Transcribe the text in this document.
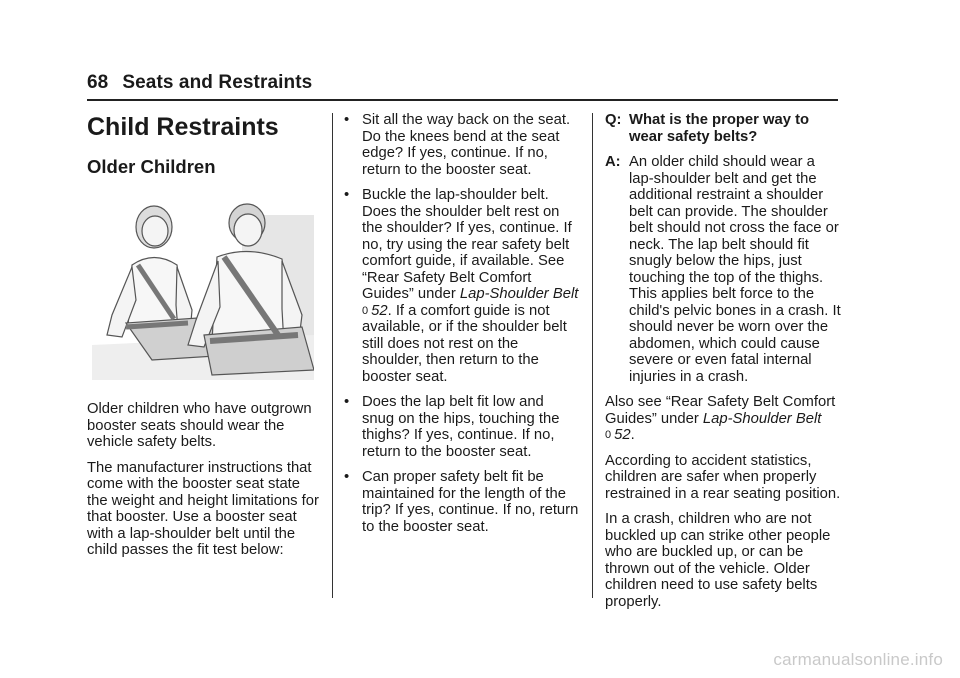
68 Seats and Restraints
Child Restraints
Older Children

Older children who have outgrown booster seats should wear the vehicle safety belts.

The manufacturer instructions that come with the booster seat state the weight and height limitations for that booster. Use a booster seat with a lap-shoulder belt until the child passes the fit test below:

• Sit all the way back on the seat. Do the knees bend at the seat edge? If yes, continue. If no, return to the booster seat.
• Buckle the lap-shoulder belt. Does the shoulder belt rest on the shoulder? If yes, continue. If no, try using the rear safety belt comfort guide, if available. See “Rear Safety Belt Comfort Guides” under Lap-Shoulder Belt
0 52. If a comfort guide is not available, or if the shoulder belt still does not rest on the shoulder, then return to the booster seat.
• Does the lap belt fit low and snug on the hips, touching the thighs? If yes, continue. If no, return to the booster seat.
• Can proper safety belt fit be maintained for the length of the trip? If yes, continue. If no, return to the booster seat.
Q: What is the proper way to wear safety belts?
A: An older child should wear a lap-shoulder belt and get the additional restraint a shoulder belt can provide. The shoulder belt should not cross the face or neck. The lap belt should fit snugly below the hips, just touching the top of the thighs. This applies belt force to the child's pelvic bones in a crash. It should never be worn over the abdomen, which could cause severe or even fatal internal injuries in a crash.

Also see “Rear Safety Belt Comfort Guides” under Lap-Shoulder Belt
0 52.

According to accident statistics, children are safer when properly restrained in a rear seating position.

In a crash, children who are not buckled up can strike other people who are buckled up, or can be thrown out of the vehicle. Older children need to use safety belts properly.

carmanualsonline.info
